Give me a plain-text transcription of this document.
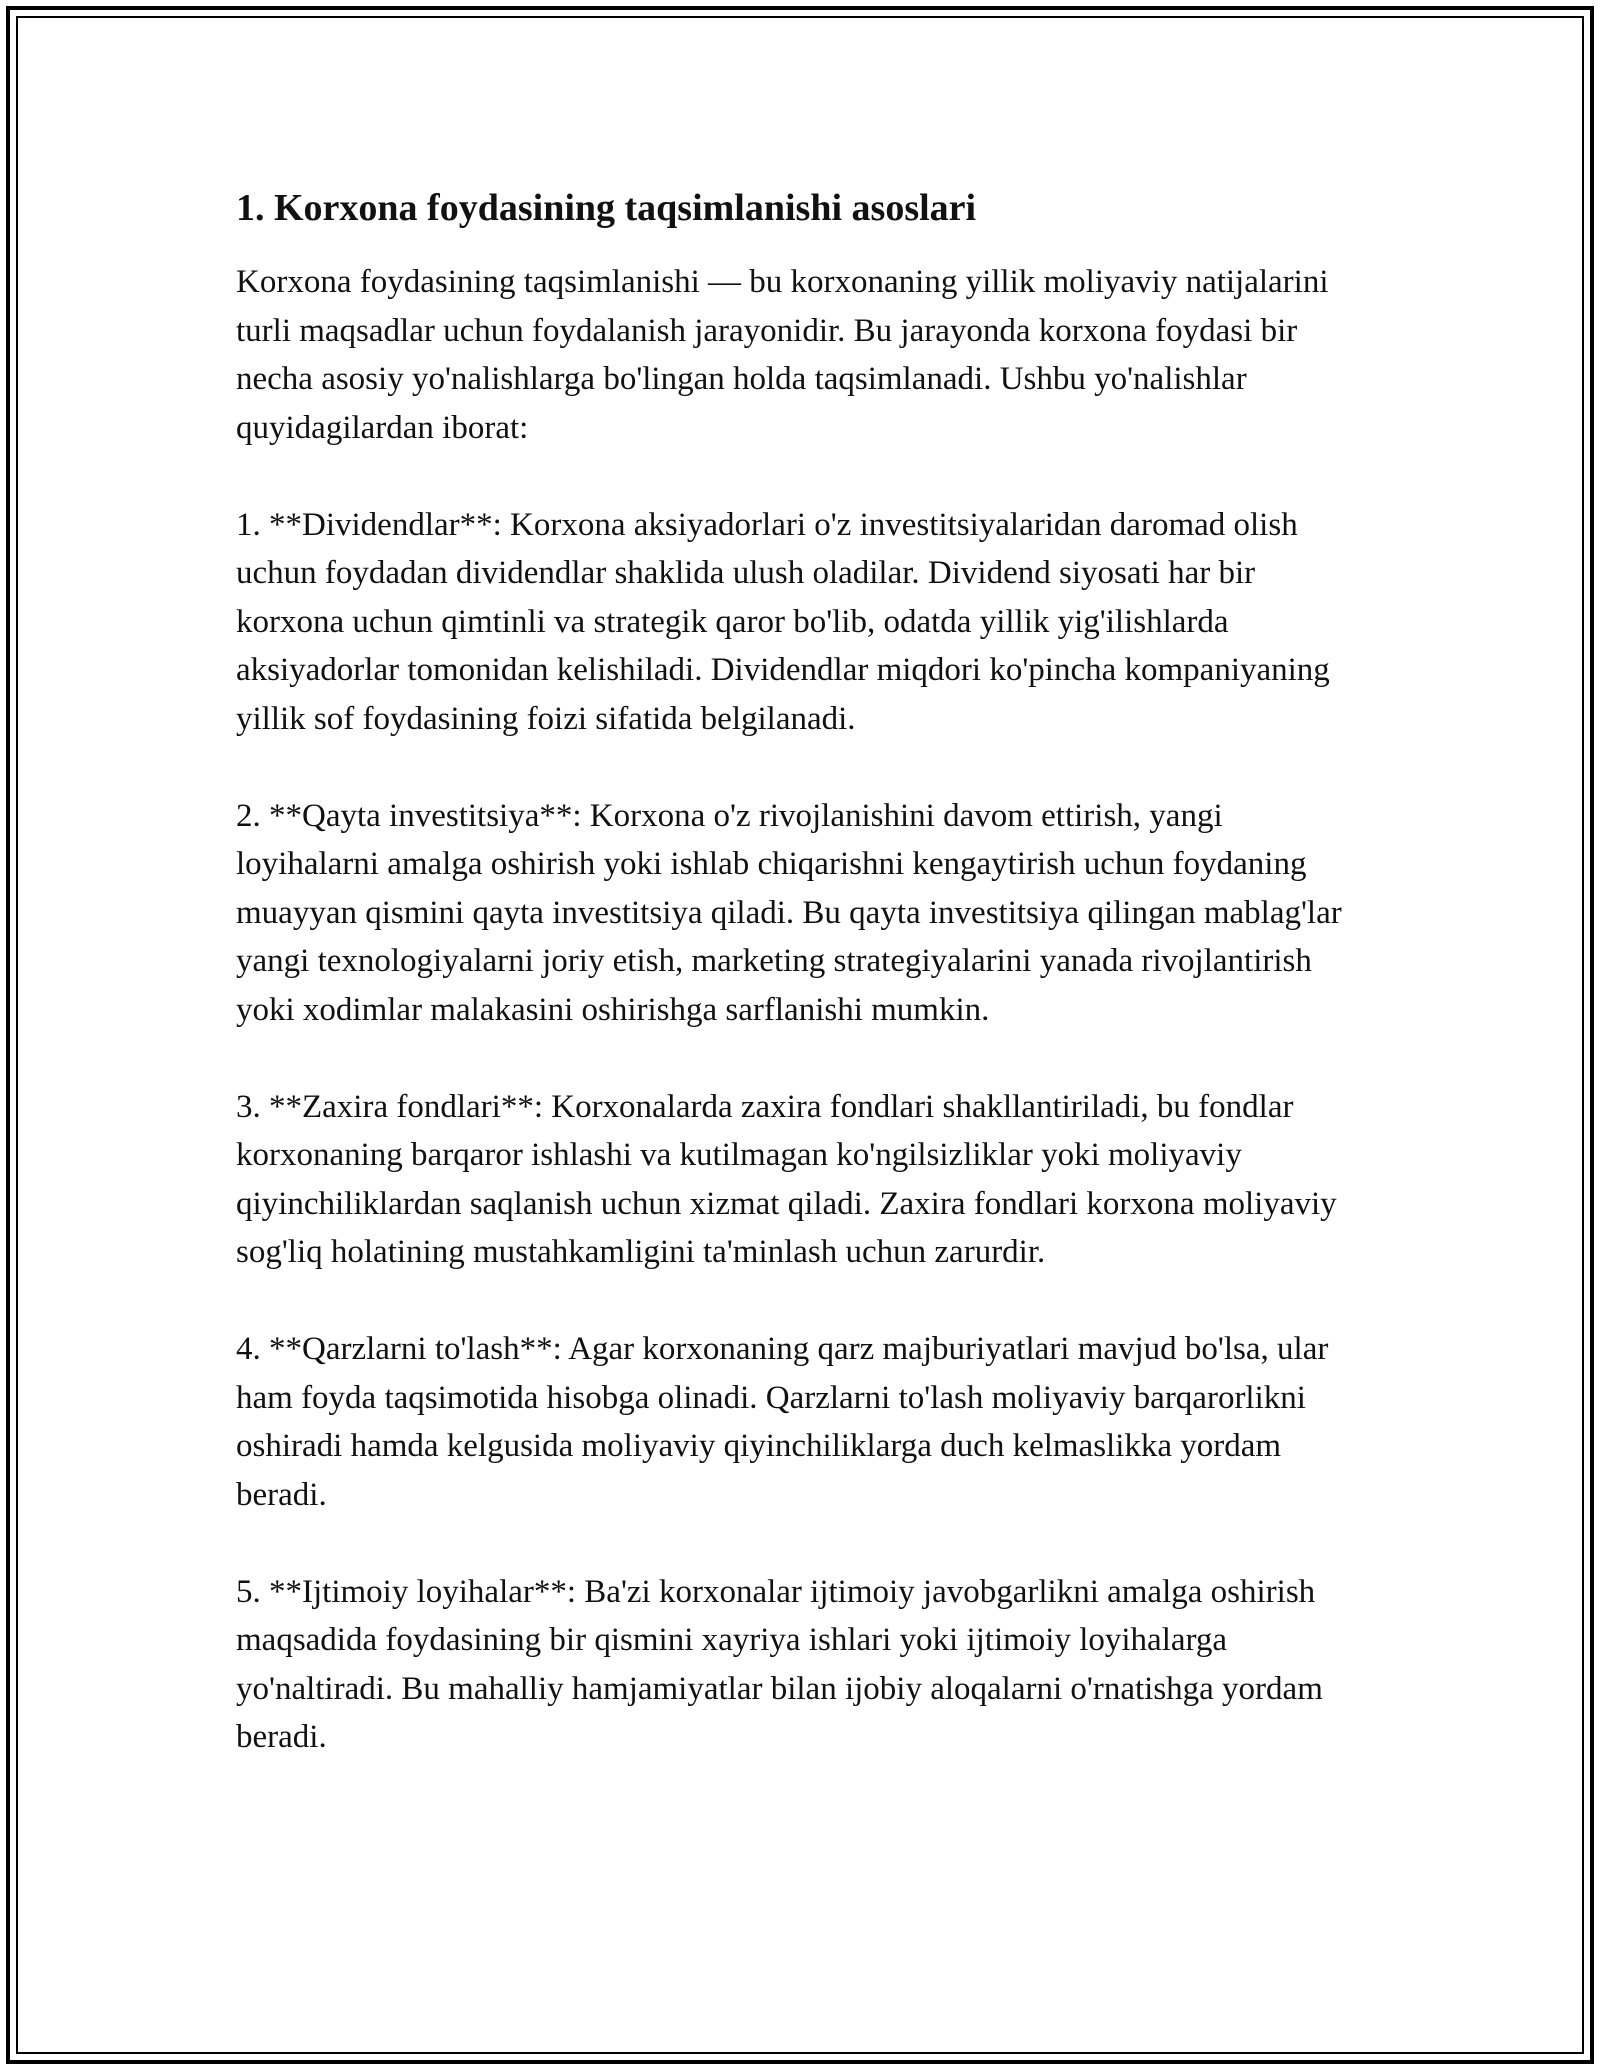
1. Korxona foydasining taqsimlanishi asoslari

Korxona foydasining taqsimlanishi — bu korxonaning yillik moliyaviy natijalarini turli maqsadlar uchun foydalanish jarayonidir. Bu jarayonda korxona foydasi bir necha asosiy yo'nalishlarga bo'lingan holda taqsimlanadi. Ushbu yo'nalishlar quyidagilardan iborat:

1. **Dividendlar**: Korxona aksiyadorlari o'z investitsiyalaridan daromad olish uchun foydadan dividendlar shaklida ulush oladilar. Dividend siyosati har bir korxona uchun qimtinli va strategik qaror bo'lib, odatda yillik yig'ilishlarda aksiyadorlar tomonidan kelishiladi. Dividendlar miqdori ko'pincha kompaniyaning yillik sof foydasining foizi sifatida belgilanadi.

2. **Qayta investitsiya**: Korxona o'z rivojlanishini davom ettirish, yangi loyihalarni amalga oshirish yoki ishlab chiqarishni kengaytirish uchun foydaning muayyan qismini qayta investitsiya qiladi. Bu qayta investitsiya qilingan mablag'lar yangi texnologiyalarni joriy etish, marketing strategiyalarini yanada rivojlantirish yoki xodimlar malakasini oshirishga sarflanishi mumkin.

3. **Zaxira fondlari**: Korxonalarda zaxira fondlari shakllantiriladi, bu fondlar korxonaning barqaror ishlashi va kutilmagan ko'ngilsizliklar yoki moliyaviy qiyinchiliklardan saqlanish uchun xizmat qiladi. Zaxira fondlari korxona moliyaviy sog'liq holatining mustahkamligini ta'minlash uchun zarurdir.

4. **Qarzlarni to'lash**: Agar korxonaning qarz majburiyatlari mavjud bo'lsa, ular ham foyda taqsimotida hisobga olinadi. Qarzlarni to'lash moliyaviy barqarorlikni oshiradi hamda kelgusida moliyaviy qiyinchiliklarga duch kelmaslikka yordam beradi.

5. **Ijtimoiy loyihalar**: Ba'zi korxonalar ijtimoiy javobgarlikni amalga oshirish maqsadida foydasining bir qismini xayriya ishlari yoki ijtimoiy loyihalarga yo'naltiradi. Bu mahalliy hamjamiyatlar bilan ijobiy aloqalarni o'rnatishga yordam beradi.
